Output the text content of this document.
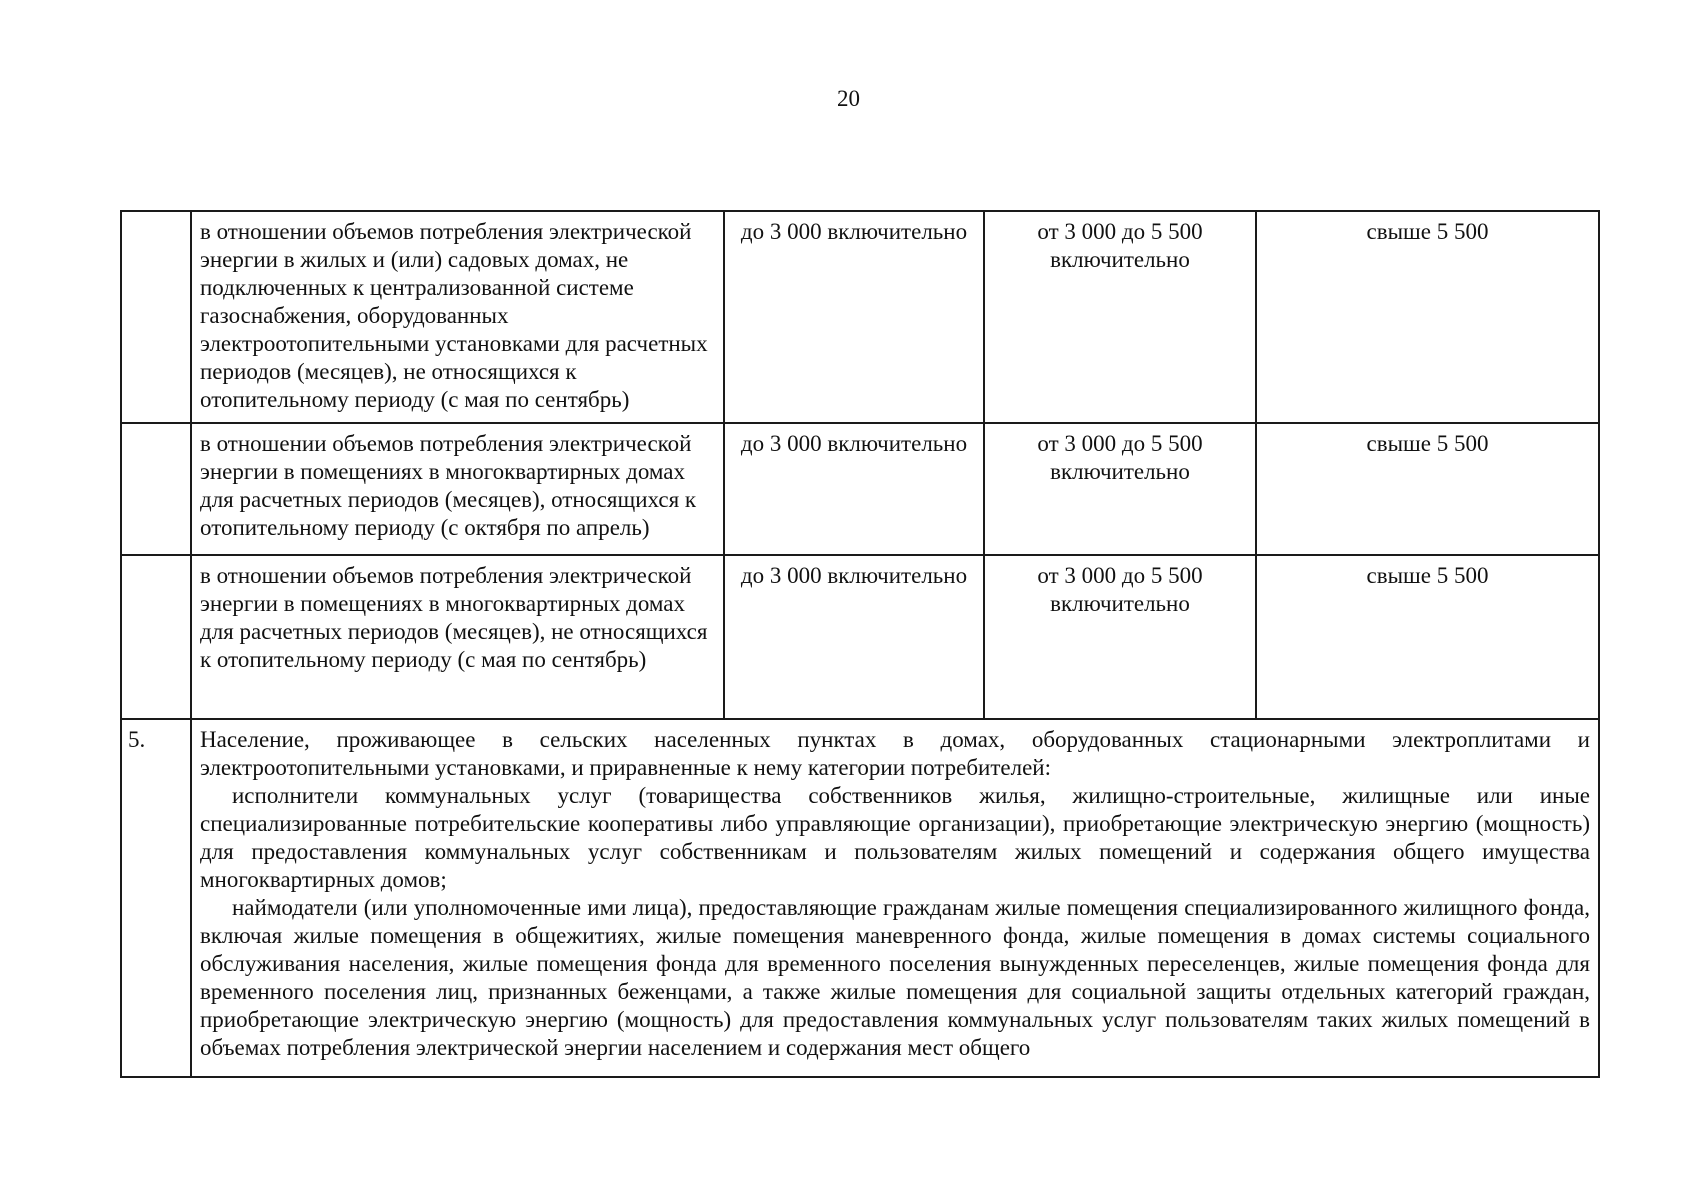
20
	в отношении объемов потребления электрической энергии в жилых и (или) садовых домах, не подключенных к централизованной системе газоснабжения, оборудованных электроотопительными установками для расчетных периодов (месяцев), не относящихся к отопительному периоду (с мая по сентябрь)	до 3 000 включительно	от 3 000 до 5 500 включительно	свыше 5 500
	в отношении объемов потребления электрической энергии в помещениях в многоквартирных домах для расчетных периодов (месяцев), относящихся к отопительному периоду (с октября по апрель)	до 3 000 включительно	от 3 000 до 5 500 включительно	свыше 5 500
	в отношении объемов потребления электрической энергии в помещениях в многоквартирных домах для расчетных периодов (месяцев), не относящихся к отопительному периоду (с мая по сентябрь)	до 3 000 включительно	от 3 000 до 5 500 включительно	свыше 5 500
5.	Население, проживающее в сельских населенных пунктах в домах, оборудованных стационарными электроплитами и электроотопительными установками, и приравненные к нему категории потребителей:

исполнители коммунальных услуг (товарищества собственников жилья, жилищно-строительные, жилищные или иные специализированные потребительские кооперативы либо управляющие организации), приобретающие электрическую энергию (мощность) для предоставления коммунальных услуг собственникам и пользователям жилых помещений и содержания общего имущества многоквартирных домов;

наймодатели (или уполномоченные ими лица), предоставляющие гражданам жилые помещения специализированного жилищного фонда, включая жилые помещения в общежитиях, жилые помещения маневренного фонда, жилые помещения в домах системы социального обслуживания населения, жилые помещения фонда для временного поселения вынужденных переселенцев, жилые помещения фонда для временного поселения лиц, признанных беженцами, а также жилые помещения для социальной защиты отдельных категорий граждан, приобретающие электрическую энергию (мощность) для предоставления коммунальных услуг пользователям таких жилых помещений в объемах потребления электрической энергии населением и содержания мест общего			
